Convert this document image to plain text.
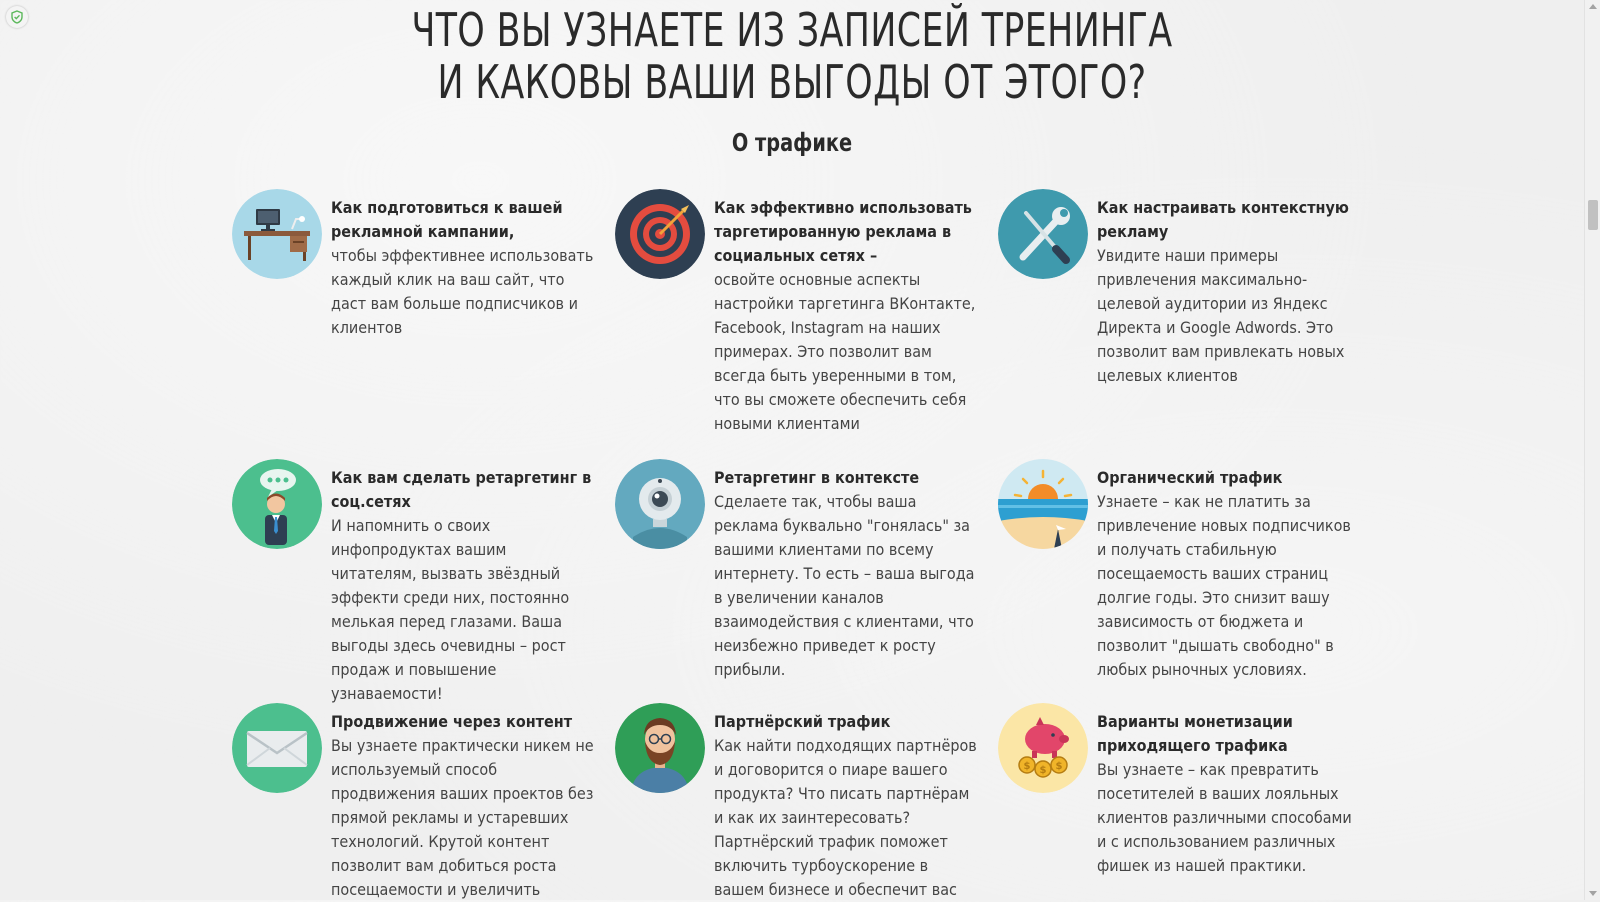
ЧТО ВЫ УЗНАЕТЕ ИЗ ЗАПИСЕЙ ТРЕНИНГА
И КАКОВЫ ВАШИ ВЫГОДЫ ОТ ЭТОГО?
О трафике
Как подготовиться к вашей рекламной кампании,
чтобы эффективнее использовать каждый клик на ваш сайт, что даст вам больше подписчиков и клиентов
Как эффективно использовать таргетированную реклама в социальных сетях –
освойте основные аспекты настройки таргетинга ВКонтакте, Facebook, Instagram на наших примерах. Это позволит вам всегда быть уверенными в том, что вы сможете обеспечить себя новыми клиентами
Как настраивать контекстную рекламу
Увидите наши примеры привлечения максимально-целевой аудитории из Яндекс Директа и Google Adwords. Это позволит вам привлекать новых целевых клиентов
Как вам сделать ретаргетинг в соц.сетях
И напомнить о своих инфопродуктах вашим читателям, вызвать звёздный эффекти среди них, постоянно мелькая перед глазами. Ваша выгоды здесь очевидны – рост продаж и повышение узнаваемости!
Ретаргетинг в контексте
Сделаете так, чтобы ваша реклама буквально "гонялась" за вашими клиентами по всему интернету. То есть – ваша выгода в увеличении каналов взаимодействия с клиентами, что неизбежно приведет к росту прибыли.
Органический трафик
Узнаете – как не платить за привлечение новых подписчиков и получать стабильную посещаемость ваших страниц долгие годы. Это снизит вашу зависимость от бюджета и позволит "дышать свободно" в любых рыночных условиях.
Продвижение через контент
Вы узнаете практически никем не используемый способ продвижения ваших проектов без прямой рекламы и устаревших технологий. Крутой контент позволит вам добиться роста посещаемости и увеличить
Партнёрский трафик
Как найти подходящих партнёров и договорится о пиаре вашего продукта? Что писать партнёрам и как их заинтересовать? Партнёрский трафик поможет включить турбоускорение в вашем бизнесе и обеспечит вас
$ $ $
Варианты монетизации приходящего трафика
Вы узнаете – как превратить посетителей в ваших лояльных клиентов различными способами и с использованием различных фишек из нашей практики.
